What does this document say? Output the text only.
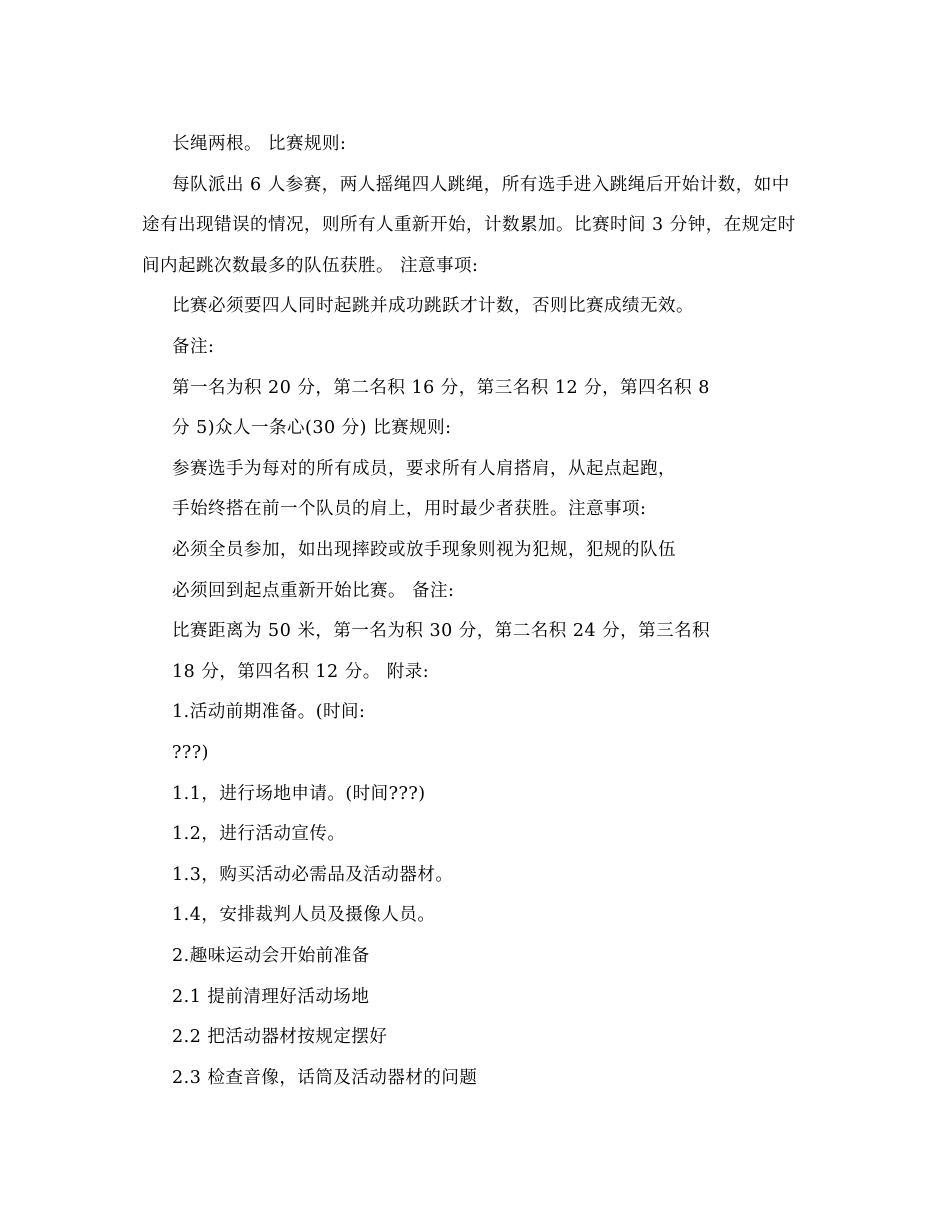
长绳两根。 比赛规则:
每队派出 6 人参赛，两人摇绳四人跳绳，所有选手进入跳绳后开始计数，如中
途有出现错误的情况，则所有人重新开始，计数累加。比赛时间 3 分钟，在规定时
间内起跳次数最多的队伍获胜。 注意事项:
比赛必须要四人同时起跳并成功跳跃才计数，否则比赛成绩无效。
备注:
第一名为积 20 分，第二名积 16 分，第三名积 12 分，第四名积 8
分 5)众人一条心(30 分) 比赛规则:
参赛选手为每对的所有成员，要求所有人肩搭肩，从起点起跑，
手始终搭在前一个队员的肩上，用时最少者获胜。注意事项:
必须全员参加，如出现摔跤或放手现象则视为犯规，犯规的队伍
必须回到起点重新开始比赛。 备注:
比赛距离为 50 米，第一名为积 30 分，第二名积 24 分，第三名积
18 分，第四名积 12 分。 附录:
1.活动前期准备。(时间:
???)
1.1，进行场地申请。(时间???)
1.2，进行活动宣传。
1.3，购买活动必需品及活动器材。
1.4，安排裁判人员及摄像人员。
2.趣味运动会开始前准备
2.1 提前清理好活动场地
2.2 把活动器材按规定摆好
2.3 检查音像，话筒及活动器材的问题
